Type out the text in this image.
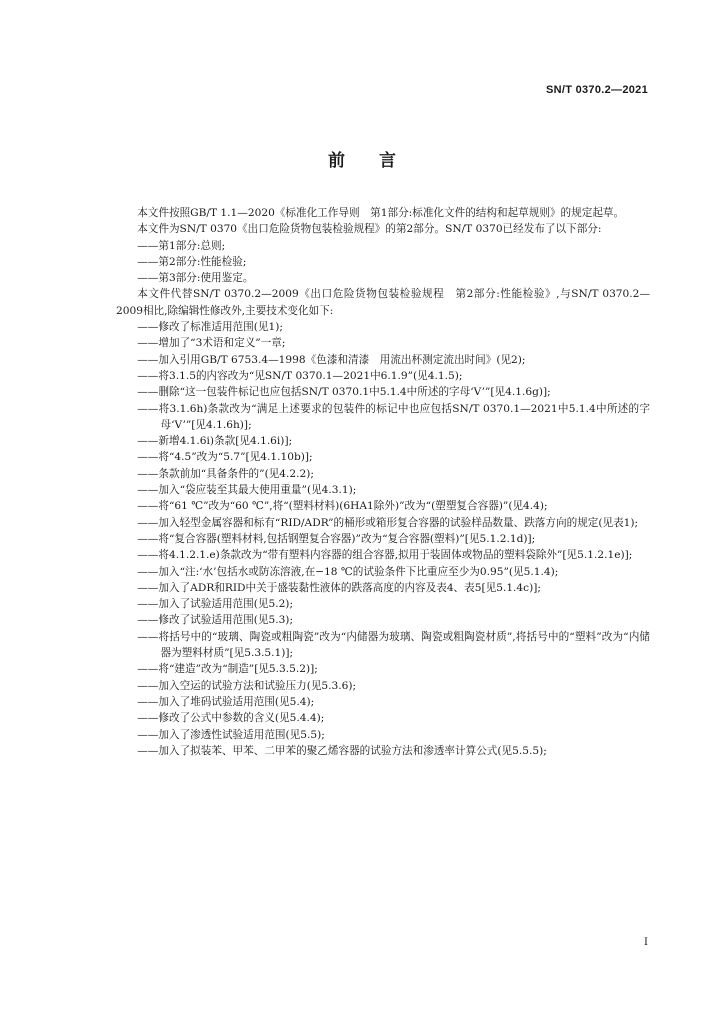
SN/T 0370.2—2021
前言

本文件按照GB/T 1.1—2020《标准化工作导则　第1部分:标准化文件的结构和起草规则》的规定起草。

本文件为SN/T 0370《出口危险货物包装检验规程》的第2部分。SN/T 0370已经发布了以下部分:

——第1部分:总则;

——第2部分:性能检验;

——第3部分:使用鉴定。

本文件代替SN/T 0370.2—2009《出口危险货物包装检验规程　第2部分:性能检验》,与SN/T 0370.2—2009相比,除编辑性修改外,主要技术变化如下:

——修改了标准适用范围(见1);

——增加了“3术语和定义”一章;

——加入引用GB/T 6753.4—1998《色漆和清漆　用流出杯测定流出时间》(见2);

——将3.1.5的内容改为“见SN/T 0370.1—2021中6.1.9”(见4.1.5);

——删除“这一包装件标记也应包括SN/T 0370.1中5.1.4中所述的字母‘V’”[见4.1.6g)];

——将3.1.6h)条款改为“满足上述要求的包装件的标记中也应包括SN/T 0370.1—2021中5.1.4中所述的字母‘V’”[见4.1.6h)];

——新增4.1.6i)条款[见4.1.6i)];

——将“4.5”改为“5.7”[见4.1.10b)];

——条款前加“具备条件的”(见4.2.2);

——加入“袋应装至其最大使用重量”(见4.3.1);

——将“61 ℃”改为“60 ℃”,将“(塑料材料)(6HA1除外)”改为“(塑塑复合容器)”(见4.4);

——加入轻型金属容器和标有“RID/ADR”的桶形或箱形复合容器的试验样品数量、跌落方向的规定(见表1);

——将“复合容器(塑料材料,包括钢塑复合容器)”改为“复合容器(塑料)”[见5.1.2.1d)];

——将4.1.2.1.e)条款改为“带有塑料内容器的组合容器,拟用于装固体或物品的塑料袋除外”[见5.1.2.1e)];

——加入“注:‘水’包括水或防冻溶液,在−18 ℃的试验条件下比重应至少为0.95”(见5.1.4);

——加入了ADR和RID中关于盛装黏性液体的跌落高度的内容及表4、表5[见5.1.4c)];

——加入了试验适用范围(见5.2);

——修改了试验适用范围(见5.3);

——将括号中的“玻璃、陶瓷或粗陶瓷”改为“内储器为玻璃、陶瓷或粗陶瓷材质”,将括号中的“塑料”改为“内储器为塑料材质”[见5.3.5.1)];

——将“建造”改为“制造”[见5.3.5.2)];

——加入空运的试验方法和试验压力(见5.3.6);

——加入了堆码试验适用范围(见5.4);

——修改了公式中参数的含义(见5.4.4);

——加入了渗透性试验适用范围(见5.5);

——加入了拟装苯、甲苯、二甲苯的聚乙烯容器的试验方法和渗透率计算公式(见5.5.5);

I
